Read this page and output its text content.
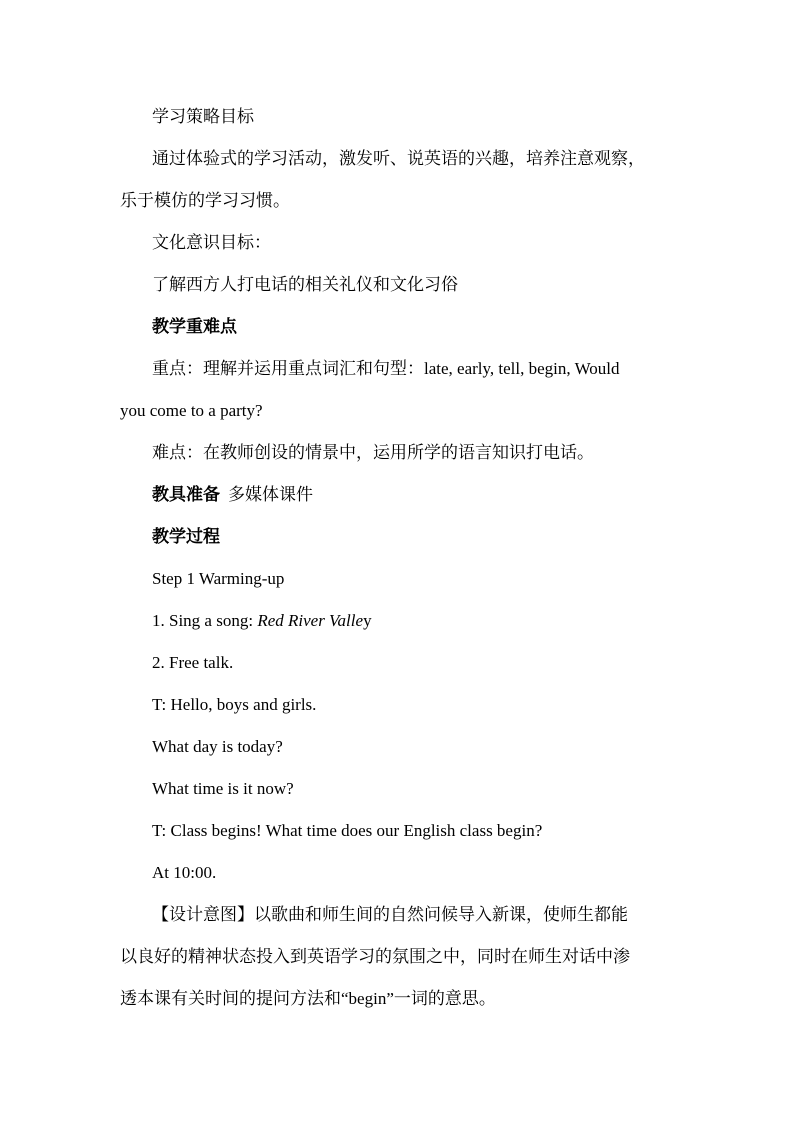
学习策略目标
通过体验式的学习活动，激发听、说英语的兴趣，培养注意观察，
乐于模仿的学习习惯。
文化意识目标：
了解西方人打电话的相关礼仪和文化习俗
教学重难点
重点：理解并运用重点词汇和句型：late, early, tell, begin, Would
you come to a party?
难点：在教师创设的情景中，运用所学的语言知识打电话。
教具准备 多媒体课件
教学过程
Step 1 Warming-up
1. Sing a song: Red River Valley
2. Free talk.
T: Hello, boys and girls.
What day is today?
What time is it now?
T: Class begins! What time does our English class begin?
At 10:00.
【设计意图】以歌曲和师生间的自然问候导入新课，使师生都能
以良好的精神状态投入到英语学习的氛围之中，同时在师生对话中渗
透本课有关时间的提问方法和“begin”一词的意思。
